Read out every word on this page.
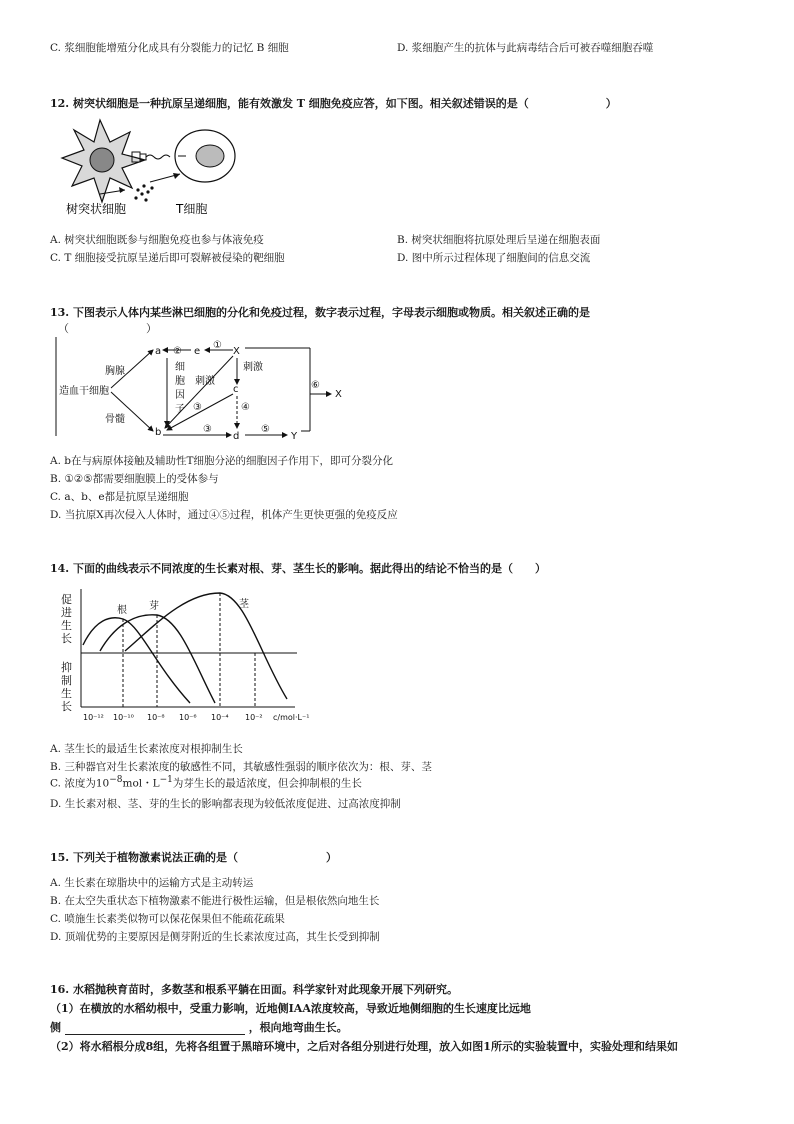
C. 浆细胞能增殖分化成具有分裂能力的记忆 B 细胞	D. 浆细胞产生的抗体与此病毒结合后可被吞噬细胞吞噬
12. 树突状细胞是一种抗原呈递细胞，能有效激发 T 细胞免疫应答，如下图。相关叙述错误的是（　　　　　　　）
树突状细胞	T细胞
A. 树突状细胞既参与细胞免疫也参与体液免疫	B. 树突状细胞将抗原处理后呈递在细胞表面
C. T 细胞接受抗原呈递后即可裂解被侵染的靶细胞	D. 图中所示过程体现了细胞间的信息交流
13. 下图表示人体内某些淋巴细胞的分化和免疫过程，数字表示过程，字母表示细胞或物质。相关叙述正确的是
（　　　　　　　）
造血干细胞
胸腺
骨髓
a
b
② e
①
X
细
胞
因
子
刺激
刺激
c
③	④
③
d
⑤
Y
⑥
X
A. b在与病原体接触及辅助性T细胞分泌的细胞因子作用下，即可分裂分化
B. ①②⑤都需要细胞膜上的受体参与
C. a、b、e都是抗原呈递细胞
D. 当抗原X再次侵入人体时，通过④⑤过程，机体产生更快更强的免疫反应
14. 下面的曲线表示不同浓度的生长素对根、芽、茎生长的影响。据此得出的结论不恰当的是（　　）
促进生长
抑制生长
根 芽	茎
10⁻¹² 10⁻¹⁰ 10⁻⁸ 10⁻⁶ 10⁻⁴ 10⁻² c/mol·L⁻¹
A. 茎生长的最适生长素浓度对根抑制生长
B. 三种器官对生长素浓度的敏感性不同，其敏感性强弱的顺序依次为：根、芽、茎
C. 浓度为$10^{-8}mol$・$L^{-1}$为芽生长的最适浓度，但会抑制根的生长
D. 生长素对根、茎、芽的生长的影响都表现为较低浓度促进、过高浓度抑制
15. 下列关于植物激素说法正确的是（　　　　　　　　）
A. 生长素在琼脂块中的运输方式是主动转运
B. 在太空失重状态下植物激素不能进行极性运输，但是根依然向地生长
C. 喷施生长素类似物可以保花保果但不能疏花疏果
D. 顶端优势的主要原因是侧芽附近的生长素浓度过高，其生长受到抑制
16. 水稻抛秧育苗时，多数茎和根系平躺在田面。科学家针对此现象开展下列研究。
（1）在横放的水稻幼根中，受重力影响，近地侧IAA浓度较高，导致近地侧细胞的生长速度比远地
侧	，根向地弯曲生长。
（2）将水稻根分成8组，先将各组置于黑暗环境中，之后对各组分别进行处理，放入如图1所示的实验装置中，实验处理和结果如
